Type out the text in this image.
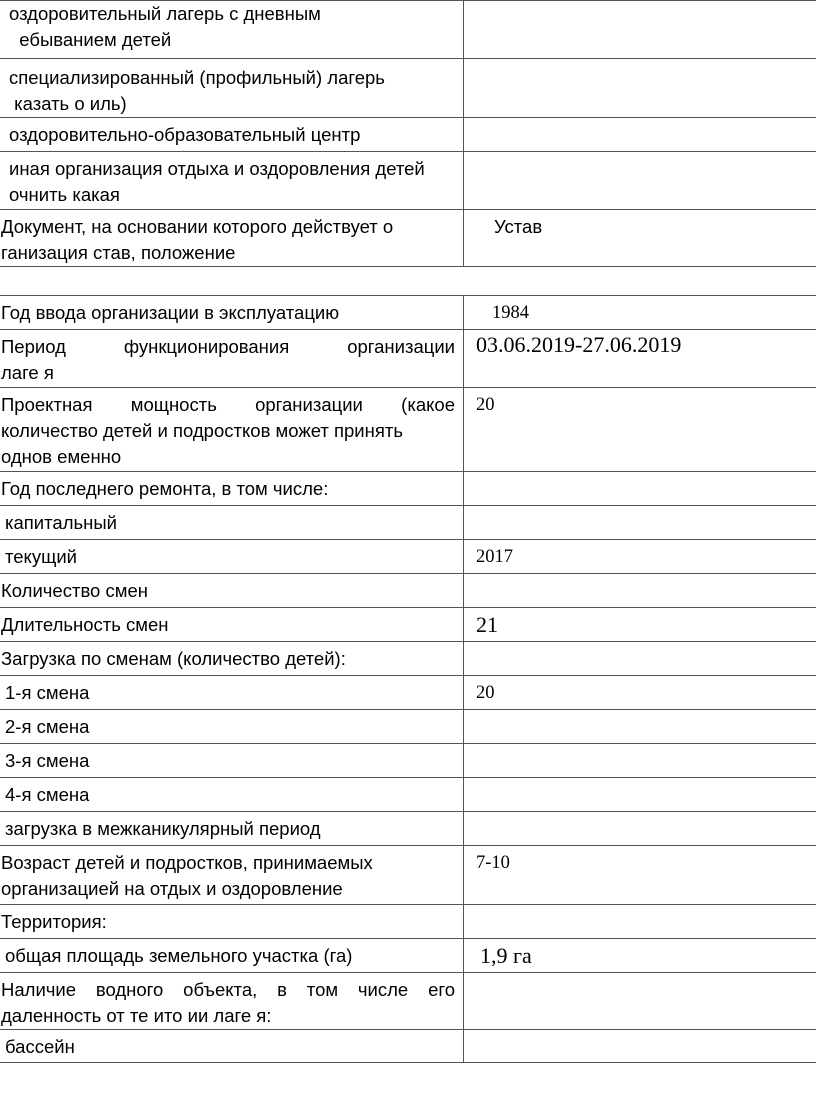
оздоровительный лагерь с дневным
ебыванием детей	

специализированный (профильный) лагерь
казать о иль)	

оздоровительно-образовательный центр	

иная организация отдыха и оздоровления детей
очнить какая	

Документ, на основании которого действует о
ганизация став, положение	Устав

Год ввода организации в эксплуатацию	1984

Период функционирования организации
лаге я	03.06.2019-27.06.2019

Проектная мощность организации (какое
количество детей и подростков может принять
однов еменно	20

Год последнего ремонта, в том числе:	

капитальный	

текущий	2017

Количество смен	

Длительность смен	21

Загрузка по сменам (количество детей):	

1-я смена	20

2-я смена	

3-я смена	

4-я смена	

загрузка в межканикулярный период	

Возраст детей и подростков, принимаемых
организацией на отдых и оздоровление	7-10

Территория:	

общая площадь земельного участка (га)	1,9 га

Наличие водного объекта, в том числе его
даленность от те ито ии лаге я:	

бассейн	
